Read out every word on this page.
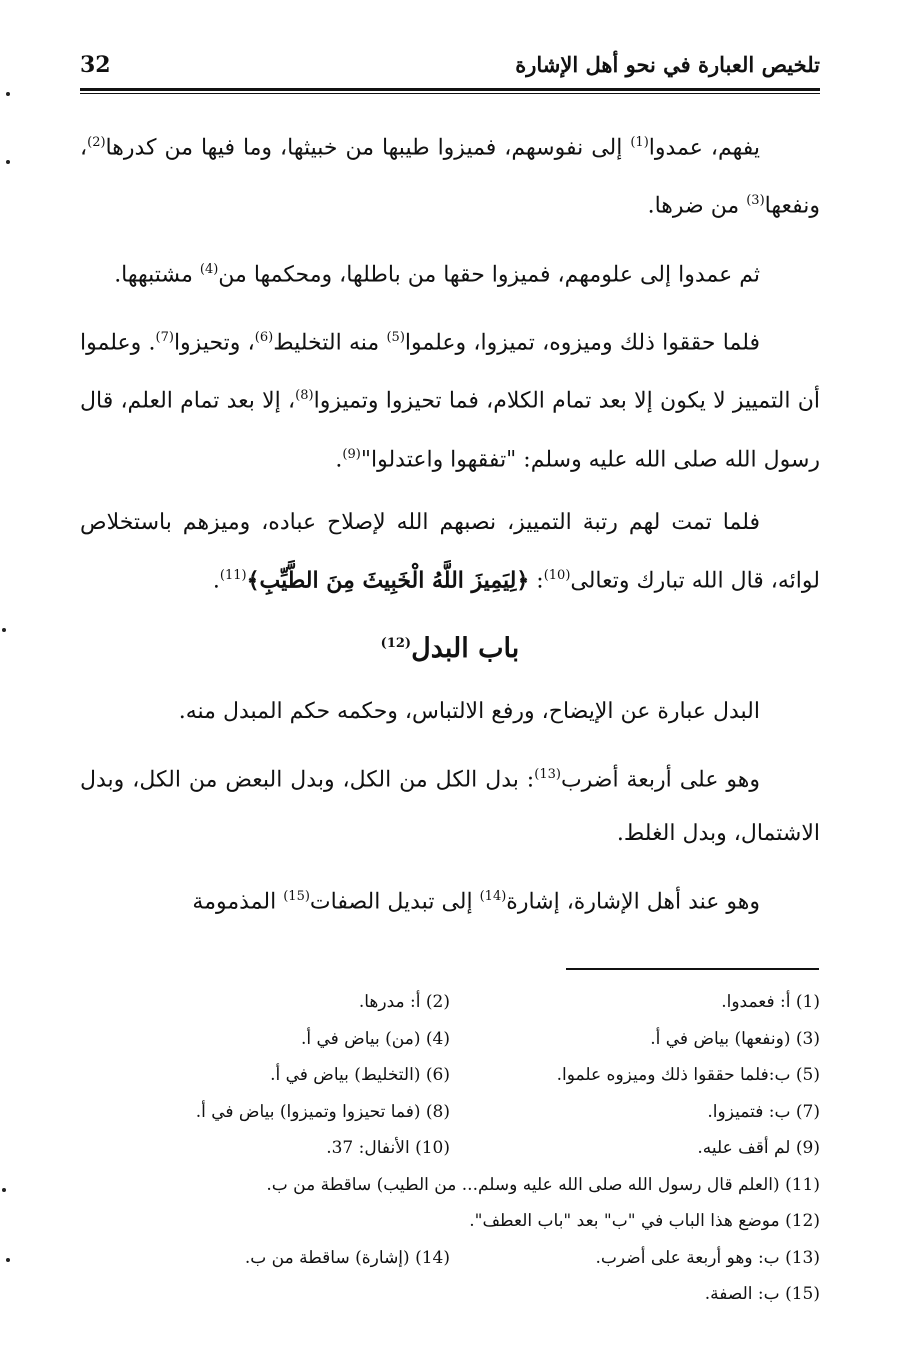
تلخيص العبارة في نحو أهل الإشارة
32

يفهم، عمدوا$^{(1)}$ إلى نفوسهم، فميزوا طيبها من خبيثها، وما فيها من كدرها$^{(2)}$، ونفعها$^{(3)}$ من ضرها.

ثم عمدوا إلى علومهم، فميزوا حقها من باطلها، ومحكمها من$^{(4)}$ مشتبهها.

فلما حققوا ذلك وميزوه، تميزوا، وعلموا$^{(5)}$ منه التخليط$^{(6)}$، وتحيزوا$^{(7)}$. وعلموا أن التمييز لا يكون إلا بعد تمام الكلام، فما تحيزوا وتميزوا$^{(8)}$، إلا بعد تمام العلم، قال رسول الله صلى الله عليه وسلم: "تفقهوا واعتدلوا"$^{(9)}$.

فلما تمت لهم رتبة التمييز، نصبهم الله لإصلاح عباده، وميزهم باستخلاص لوائه، قال الله تبارك وتعالى$^{(10)}$: ﴿لِيَمِيزَ اللَّهُ الْخَبِيثَ مِنَ الطَّيِّبِ﴾$^{(11)}$.

باب البدل$^{(12)}$

البدل عبارة عن الإيضاح، ورفع الالتباس، وحكمه حكم المبدل منه.

وهو على أربعة أضرب$^{(13)}$: بدل الكل من الكل، وبدل البعض من الكل، وبدل الاشتمال، وبدل الغلط.

وهو عند أهل الإشارة، إشارة$^{(14)}$ إلى تبديل الصفات$^{(15)}$ المذمومة

(1) أ: فعمدوا.
(2) أ: مدرها.
(3) (ونفعها) بياض في أ.
(4) (من) بياض في أ.
(5) ب:فلما حققوا ذلك وميزوه علموا.
(6) (التخليط) بياض في أ.
(7) ب: فتميزوا.
(8) (فما تحيزوا وتميزوا) بياض في أ.
(9) لم أقف عليه.
(10) الأنفال: 37.
(11) (العلم قال رسول الله صلى الله عليه وسلم... من الطيب) ساقطة من ب.
(12) موضع هذا الباب في "ب" بعد "باب العطف".
(13) ب: وهو أربعة على أضرب.
(14) (إشارة) ساقطة من ب.
(15) ب: الصفة.
